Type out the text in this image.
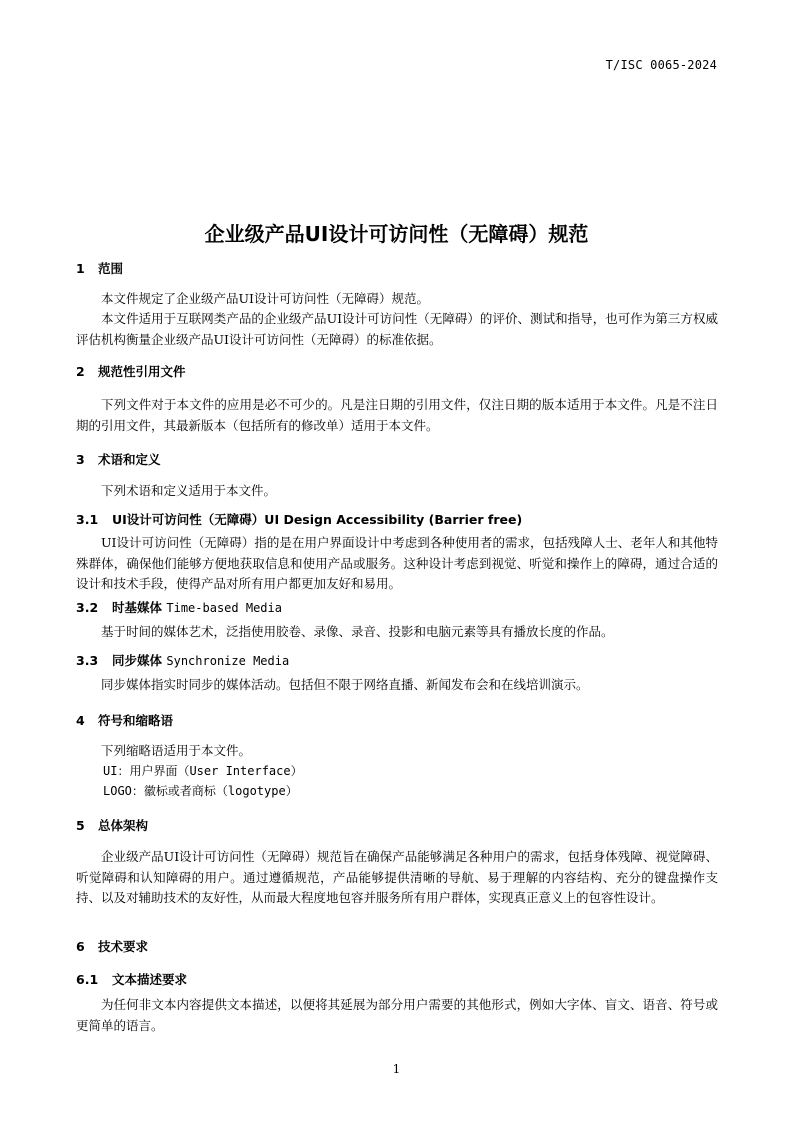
T/ISC 0065-2024
企业级产品UI设计可访问性（无障碍）规范
1 范围
本文件规定了企业级产品UI设计可访问性（无障碍）规范。
本文件适用于互联网类产品的企业级产品UI设计可访问性（无障碍）的评价、测试和指导，也可作为第三方权威评估机构衡量企业级产品UI设计可访问性（无障碍）的标准依据。
2 规范性引用文件
下列文件对于本文件的应用是必不可少的。凡是注日期的引用文件，仅注日期的版本适用于本文件。凡是不注日期的引用文件，其最新版本（包括所有的修改单）适用于本文件。
3 术语和定义
下列术语和定义适用于本文件。
3.1 UI设计可访问性（无障碍）UI Design Accessibility (Barrier free)
UI设计可访问性（无障碍）指的是在用户界面设计中考虑到各种使用者的需求，包括残障人士、老年人和其他特殊群体，确保他们能够方便地获取信息和使用产品或服务。这种设计考虑到视觉、听觉和操作上的障碍，通过合适的设计和技术手段，使得产品对所有用户都更加友好和易用。
3.2 时基媒体 Time-based Media
基于时间的媒体艺术，泛指使用胶卷、录像、录音、投影和电脑元素等具有播放长度的作品。
3.3 同步媒体 Synchronize Media
同步媒体指实时同步的媒体活动。包括但不限于网络直播、新闻发布会和在线培训演示。
4 符号和缩略语
下列缩略语适用于本文件。
UI：用户界面（User Interface）
LOGO：徽标或者商标（logotype）
5 总体架构
企业级产品UI设计可访问性（无障碍）规范旨在确保产品能够满足各种用户的需求，包括身体残障、视觉障碍、听觉障碍和认知障碍的用户。通过遵循规范，产品能够提供清晰的导航、易于理解的内容结构、充分的键盘操作支持、以及对辅助技术的友好性，从而最大程度地包容并服务所有用户群体，实现真正意义上的包容性设计。
6 技术要求
6.1 文本描述要求
为任何非文本内容提供文本描述，以便将其延展为部分用户需要的其他形式，例如大字体、盲文、语音、符号或更简单的语言。
1
